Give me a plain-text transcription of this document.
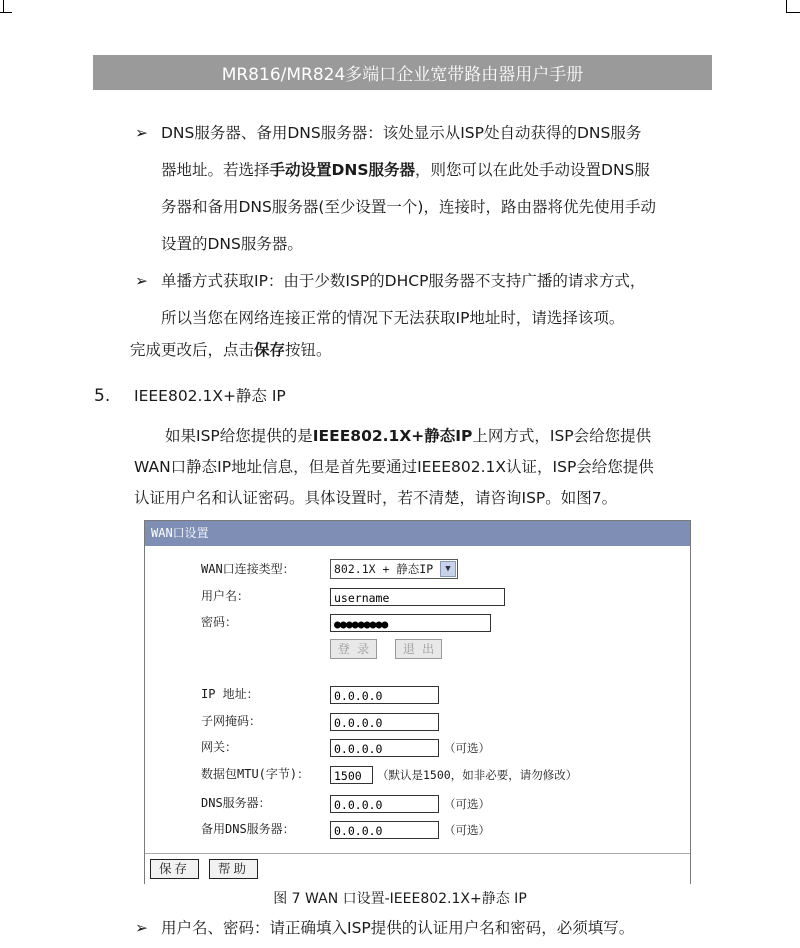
MR816/MR824多端口企业宽带路由器用户手册
➢ DNS服务器、备用DNS服务器：该处显示从ISP处自动获得的DNS服务
器地址。若选择手动设置DNS服务器，则您可以在此处手动设置DNS服
务器和备用DNS服务器(至少设置一个)，连接时，路由器将优先使用手动
设置的DNS服务器。
➢ 单播方式获取IP：由于少数ISP的DHCP服务器不支持广播的请求方式，
所以当您在网络连接正常的情况下无法获取IP地址时，请选择该项。
完成更改后，点击保存按钮。
5. IEEE802.1X+静态 IP
　　如果ISP给您提供的是IEEE802.1X+静态IP上网方式，ISP会给您提供
WAN口静态IP地址信息，但是首先要通过IEEE802.1X认证，ISP会给您提供
认证用户名和认证密码。具体设置时，若不清楚，请咨询ISP。如图7。
WAN口设置
WAN口连接类型：	802.1X + 静态IP	▼
用户名：	username
密码：	●●●●●●●●●
登 录	退 出
IP 地址：	0.0.0.0
子网掩码：	0.0.0.0
网关：	0.0.0.0	（可选）
数据包MTU(字节)：	1500	（默认是1500，如非必要，请勿修改）
DNS服务器：	0.0.0.0	（可选）
备用DNS服务器：	0.0.0.0	（可选）
保存	帮助
图 7 WAN 口设置-IEEE802.1X+静态 IP
➢ 用户名、密码：请正确填入ISP提供的认证用户名和密码，必须填写。
